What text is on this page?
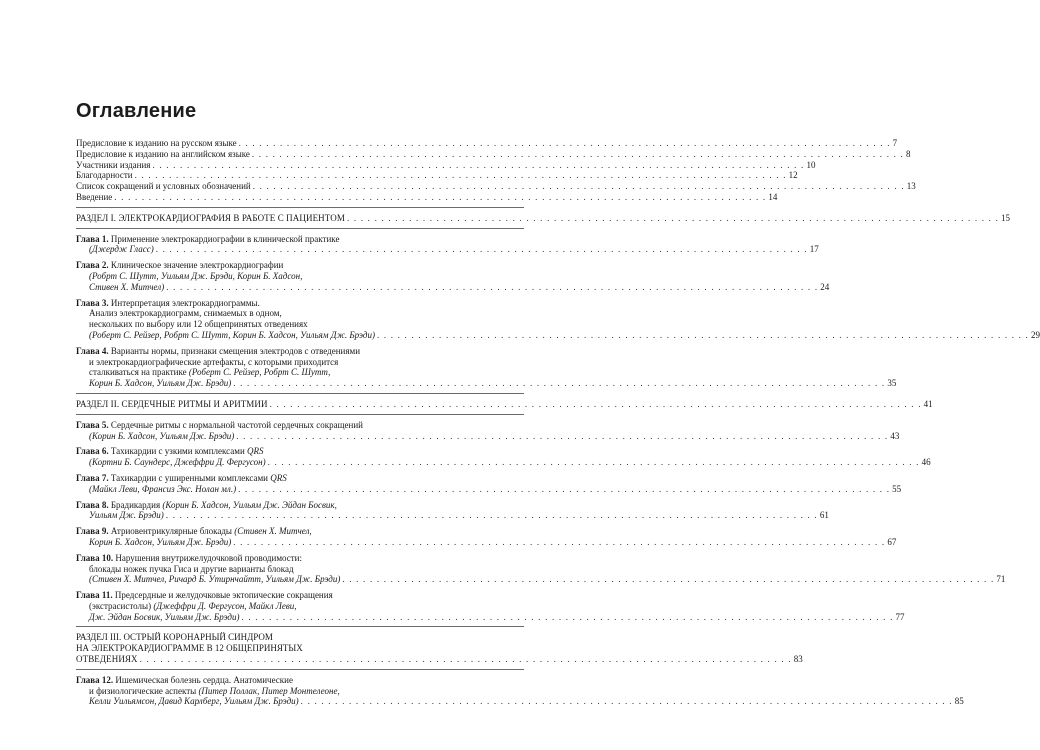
Оглавление
Предисловие к изданию на русском языке . . .	7
Предисловие к изданию на английском языке . . .	8
Участники издания . . .	10
Благодарности . . .	12
Список сокращений и условных обозначений . . .	13
Введение . . .	14
РАЗДЕЛ I. ЭЛЕКТРОКАРДИОГРАФИЯ В РАБОТЕ С ПАЦИЕНТОМ . . .	15
Глава 1. Применение электрокардиографии в клинической практике
(Джердж Гласс) . . .	17
Глава 2. Клиническое значение электрокардиографии
(Робрт С. Шутт, Уильям Дж. Брэди, Корин Б. Хадсон,
Стивен Х. Митчел) . . .	24
Глава 3. Интерпретация электрокардиограммы.
Анализ электрокардиограмм, снимаемых в одном,
нескольких по выбору или 12 общепринятых отведениях
(Роберт С. Рейзер, Робрт С. Шутт, Корин Б. Хадсон, Уильям Дж. Брэди) . . .	29
Глава 4. Варианты нормы, признаки смещения электродов с отведениями
и электрокардиографические артефакты, с которыми приходится
сталкиваться на практике (Роберт С. Рейзер, Робрт С. Шутт,
Корин Б. Хадсон, Уильям Дж. Брэди) . . .	35
РАЗДЕЛ II. СЕРДЕЧНЫЕ РИТМЫ И АРИТМИИ . . .	41
Глава 5. Сердечные ритмы с нормальной частотой сердечных сокращений
(Корин Б. Хадсон, Уильям Дж. Брэди) . . .	43
Глава 6. Тахикардии с узкими комплексами QRS
(Кортни Б. Саундерс, Джеффри Д. Фергусон) . . .	46
Глава 7. Тахикардии с уширенными комплексами QRS
(Майкл Леви, Франсиз Экс. Нолан мл.) . . .	55
Глава 8. Брадикардия (Корин Б. Хадсон, Уильям Дж. Эйдан Босвик,
Уильям Дж. Брэди) . . .	61
Глава 9. Атриовентрикулярные блокады (Стивен Х. Митчел,
Корин Б. Хадсон, Уильям Дж. Брэди) . . .	67
Глава 10. Нарушения внутрижелудочковой проводимости:
блокады ножек пучка Гиса и другие варианты блокад
(Стивен Х. Митчел, Ричард Б. Утирнчайтт, Уильям Дж. Брэди) . . .	71
Глава 11. Предсердные и желудочковые эктопические сокращения
(экстрасистолы) (Джеффри Д. Фергусон, Майкл Леви,
Дж. Эйдан Босвик, Уильям Дж. Брэди) . . .	77
РАЗДЕЛ III. ОСТРЫЙ КОРОНАРНЫЙ СИНДРОМ
НА ЭЛЕКТРОКАРДИОГРАММЕ В 12 ОБЩЕПРИНЯТЫХ
ОТВЕДЕНИЯХ . . .	83
Глава 12. Ишемическая болезнь сердца. Анатомические
и физиологические аспекты (Питер Поллак, Питер Монтелеоне,
Келли Уильямсон, Давид Карлберг, Уильям Дж. Брэди) . . .	85
